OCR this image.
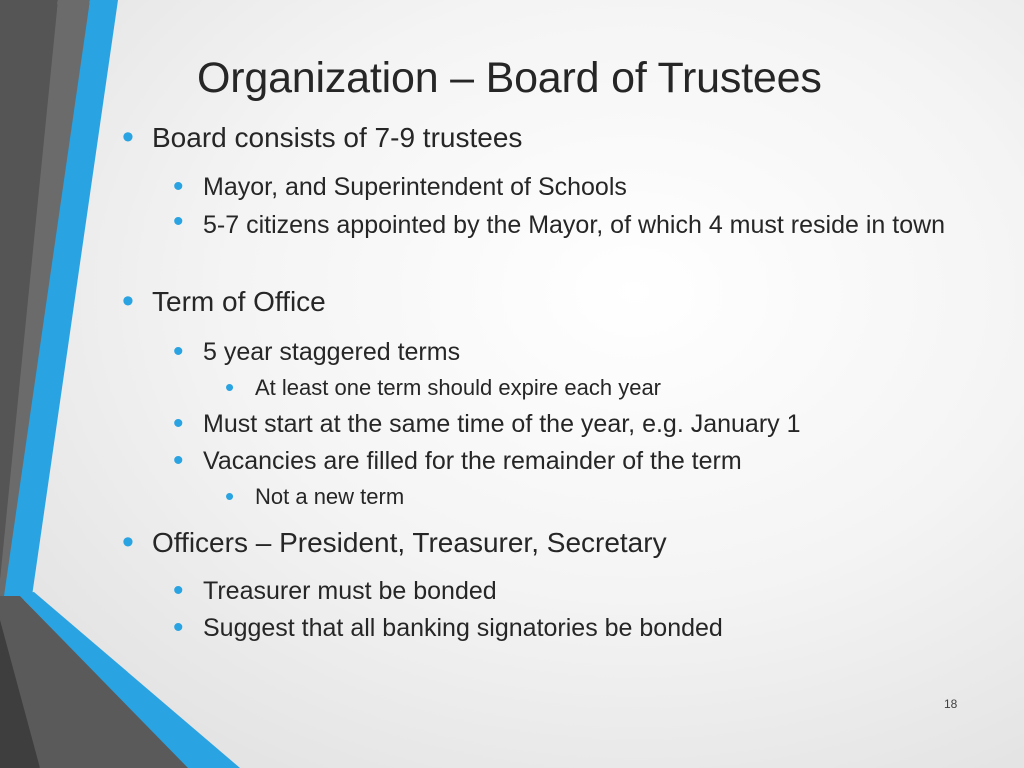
Organization – Board of Trustees
• Board consists of 7-9 trustees
• Mayor, and Superintendent of Schools
• 5-7 citizens appointed by the Mayor, of which 4 must reside in town
• Term of Office
• 5 year staggered terms
• At least one term should expire each year
• Must start at the same time of the year, e.g. January 1
• Vacancies are filled for the remainder of the term
• Not a new term
• Officers – President, Treasurer, Secretary
• Treasurer must be bonded
• Suggest that all banking signatories be bonded
18
